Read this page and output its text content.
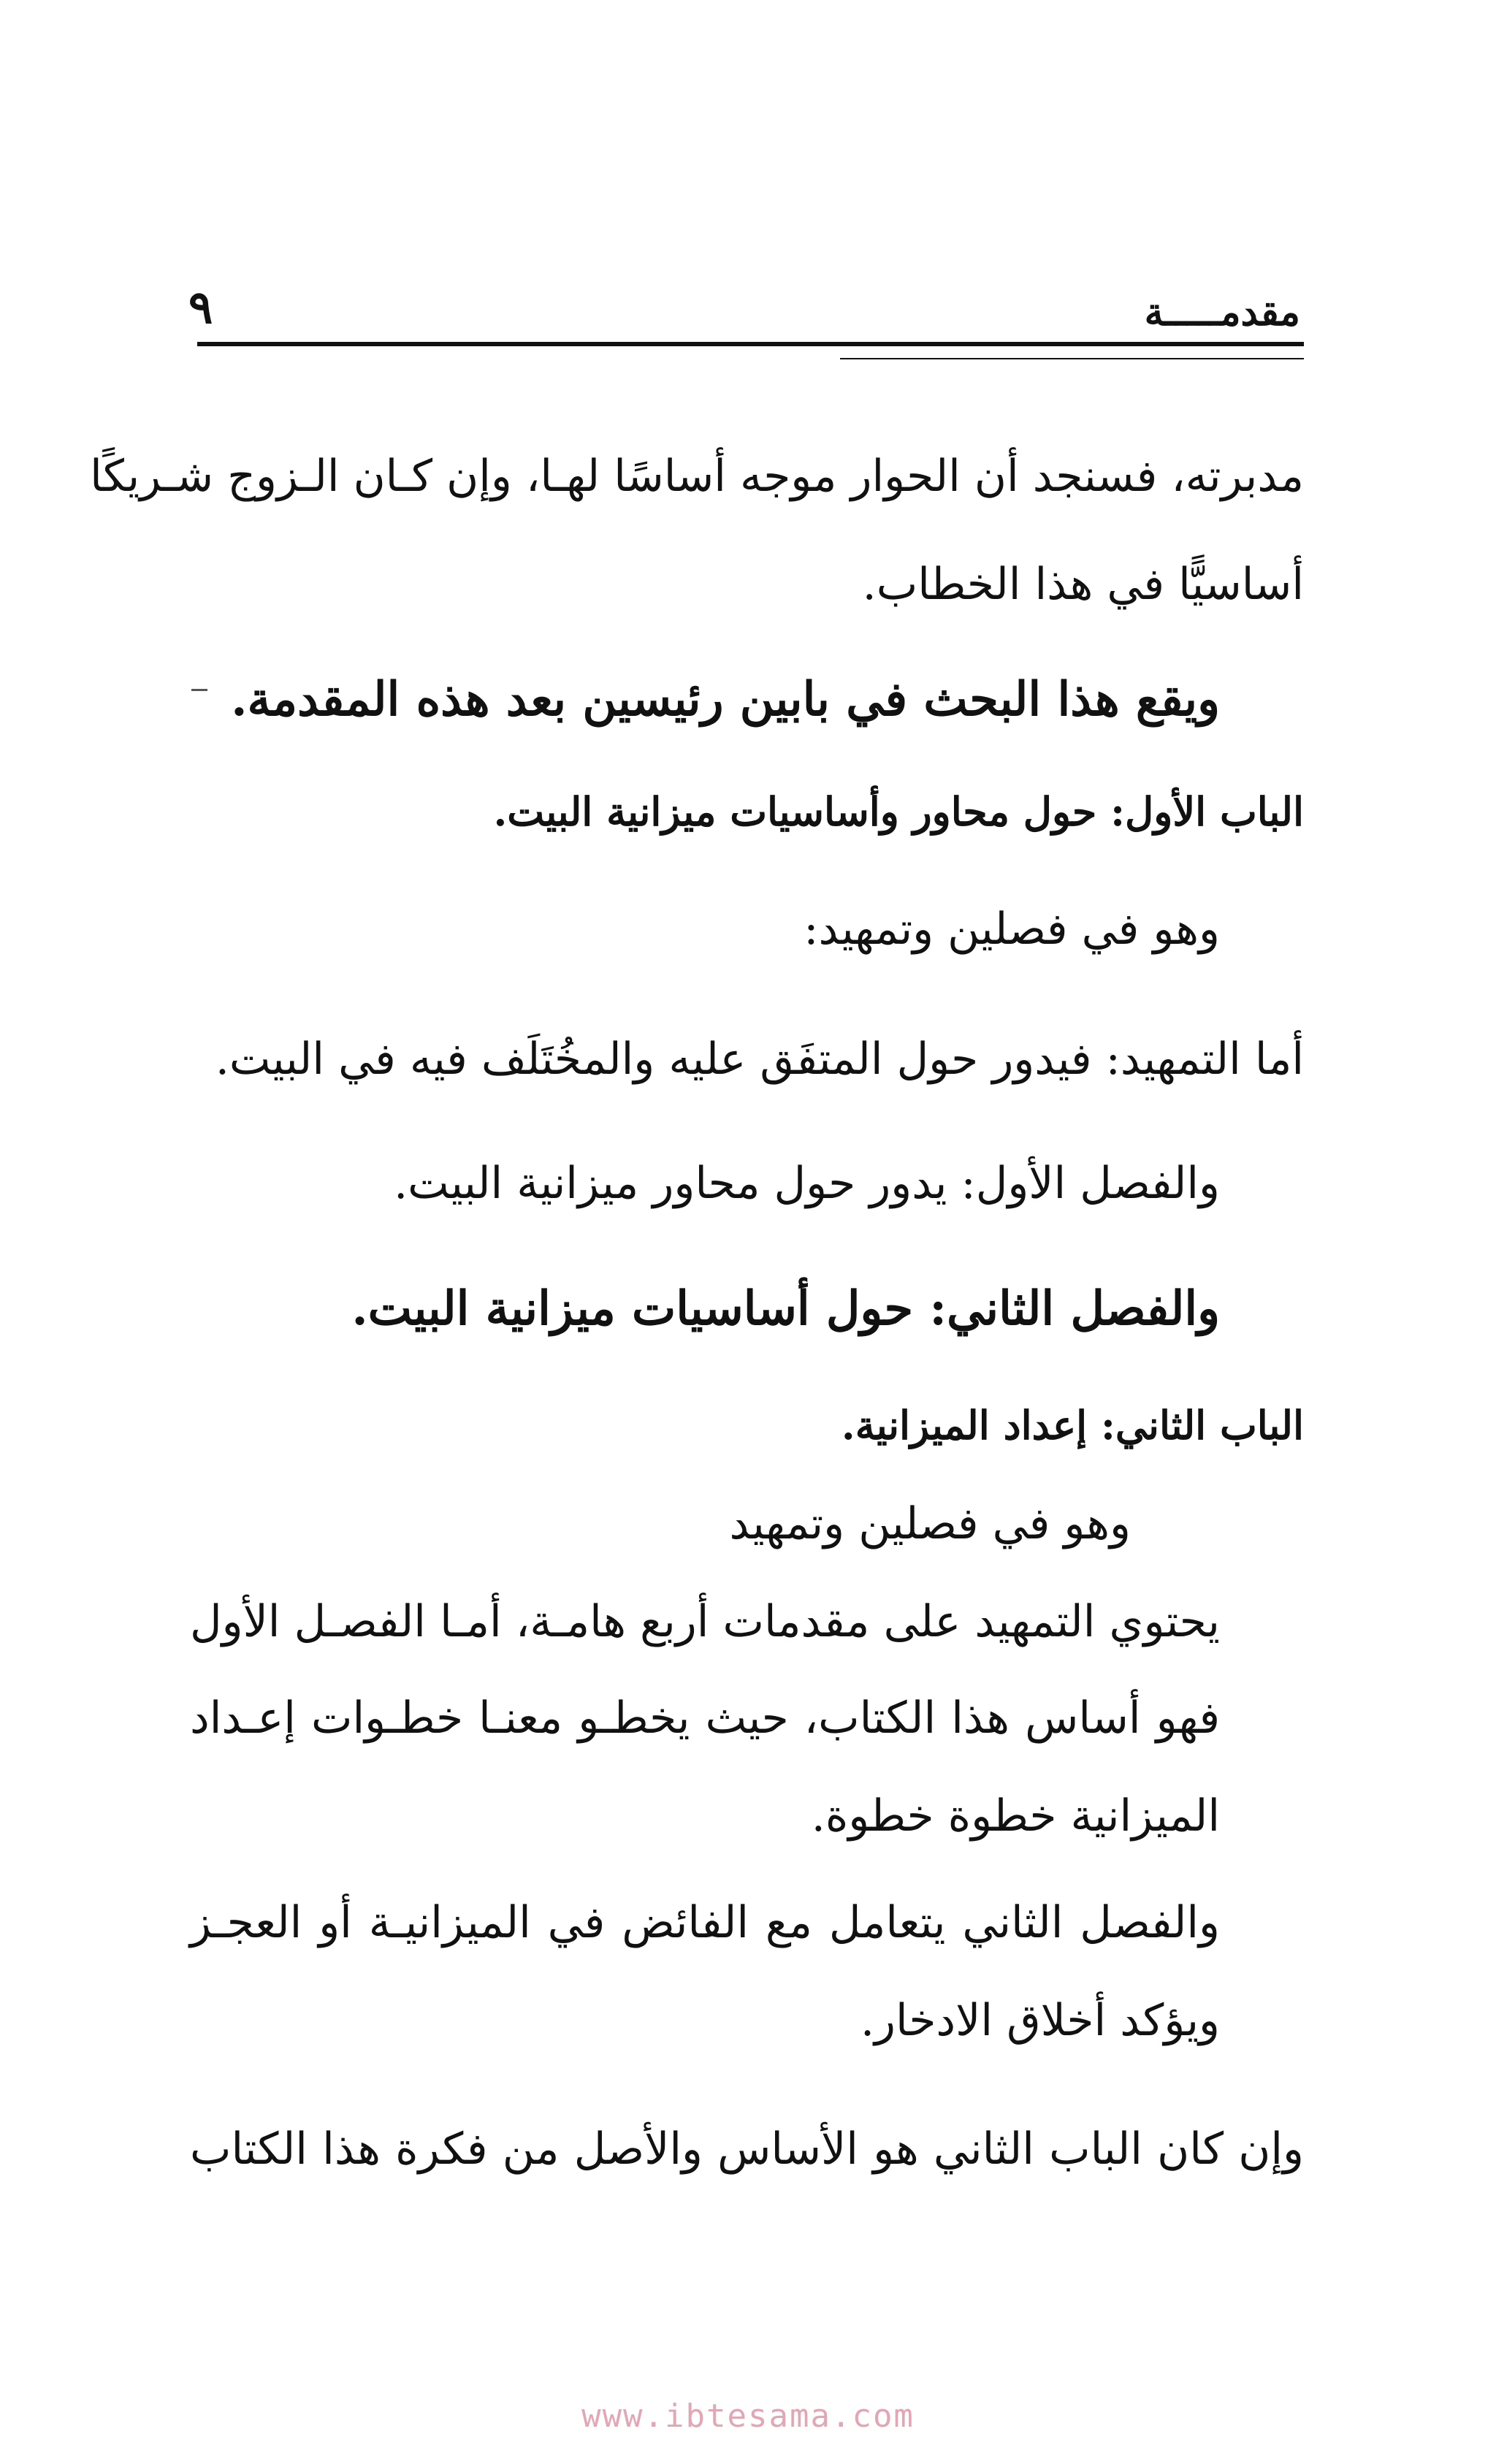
مقدمـــــة
٩
مدبرته، فسنجد أن الحوار موجه أساسًا لهـا، وإن كـان الـزوج شـريكًا
أساسيًّا في هذا الخطاب.
ويقع هذا البحث في بابين رئيسين بعد هذه المقدمة.
الباب الأول: حول محاور وأساسيات ميزانية البيت.
وهو في فصلين وتمهيد:
أما التمهيد: فيدور حول المتفَق عليه والمخُتَلَف فيه في البيت.
والفصل الأول: يدور حول محاور ميزانية البيت.
والفصل الثاني: حول أساسيات ميزانية البيت.
الباب الثاني: إعداد الميزانية.
وهو في فصلين وتمهيد
يحتوي التمهيد على مقدمات أربع هامـة، أمـا الفصـل الأول
فهو أساس هذا الكتاب، حيث يخطـو معنـا خطـوات إعـداد
الميزانية خطوة خطوة.
والفصل الثاني يتعامل مع الفائض في الميزانيـة أو العجـز
ويؤكد أخلاق الادخار.
وإن كان الباب الثاني هو الأساس والأصل من فكرة هذا الكتاب
www.ibtesama.com
